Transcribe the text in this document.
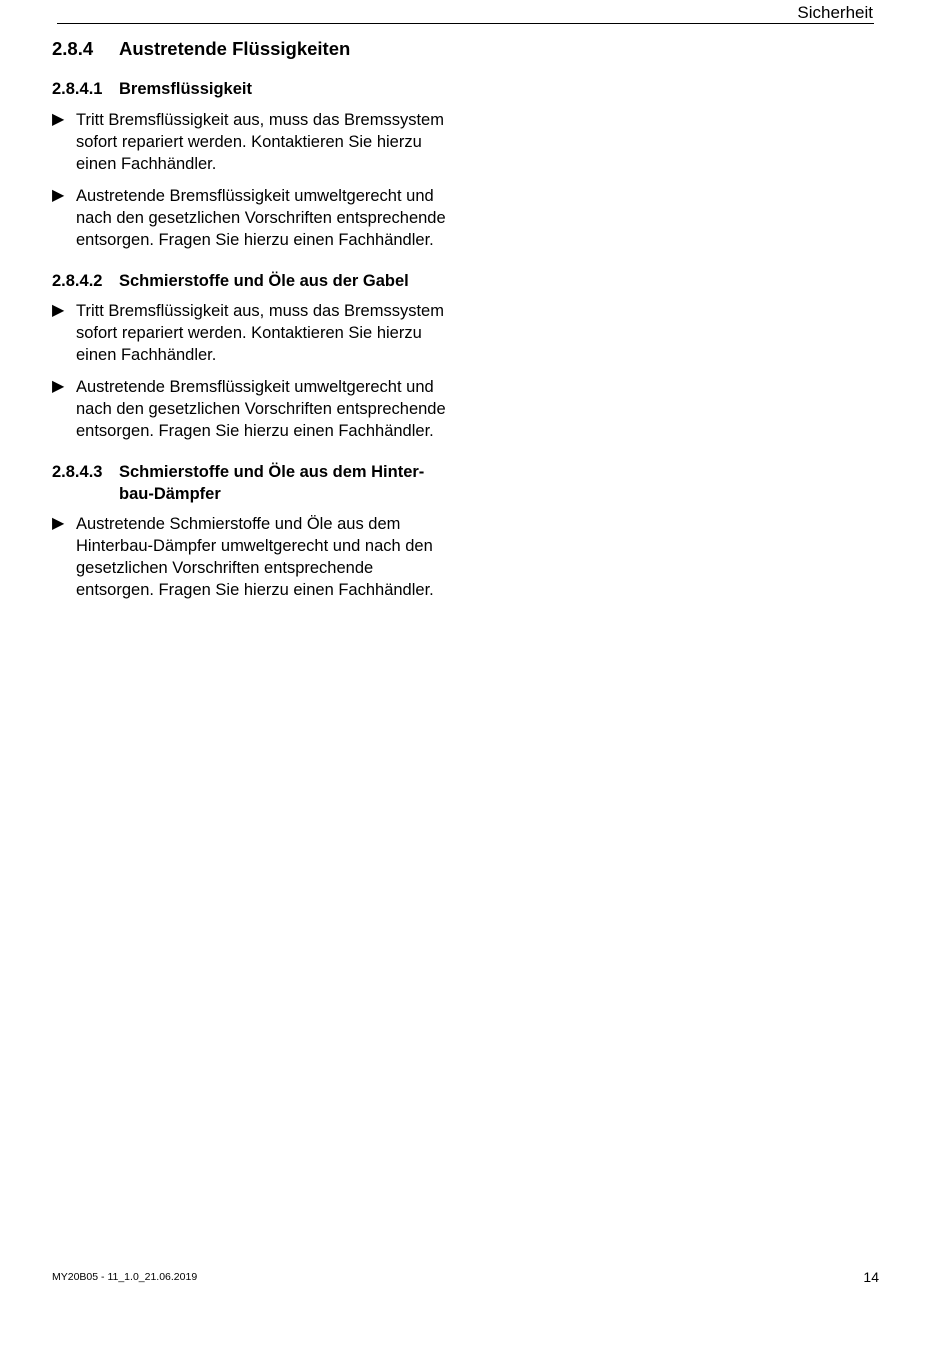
Sicherheit
2.8.4	Austretende Flüssigkeiten
2.8.4.1	Bremsflüssigkeit
▶ Tritt Bremsflüssigkeit aus, muss das Bremssystem sofort repariert werden. Kontaktieren Sie hierzu einen Fachhändler.
▶ Austretende Bremsflüssigkeit umweltgerecht und nach den gesetzlichen Vorschriften entsprechende entsorgen. Fragen Sie hierzu einen Fachhändler.
2.8.4.2	Schmierstoffe und Öle aus der Gabel
▶ Tritt Bremsflüssigkeit aus, muss das Bremssystem sofort repariert werden. Kontaktieren Sie hierzu einen Fachhändler.
▶ Austretende Bremsflüssigkeit umweltgerecht und nach den gesetzlichen Vorschriften entsprechende entsorgen. Fragen Sie hierzu einen Fachhändler.
2.8.4.3	Schmierstoffe und Öle aus dem Hinter-
bau-Dämpfer
▶ Austretende Schmierstoffe und Öle aus dem Hinterbau-Dämpfer umweltgerecht und nach den gesetzlichen Vorschriften entsprechende entsorgen. Fragen Sie hierzu einen Fachhändler.
MY20B05 - 11_1.0_21.06.2019	14
